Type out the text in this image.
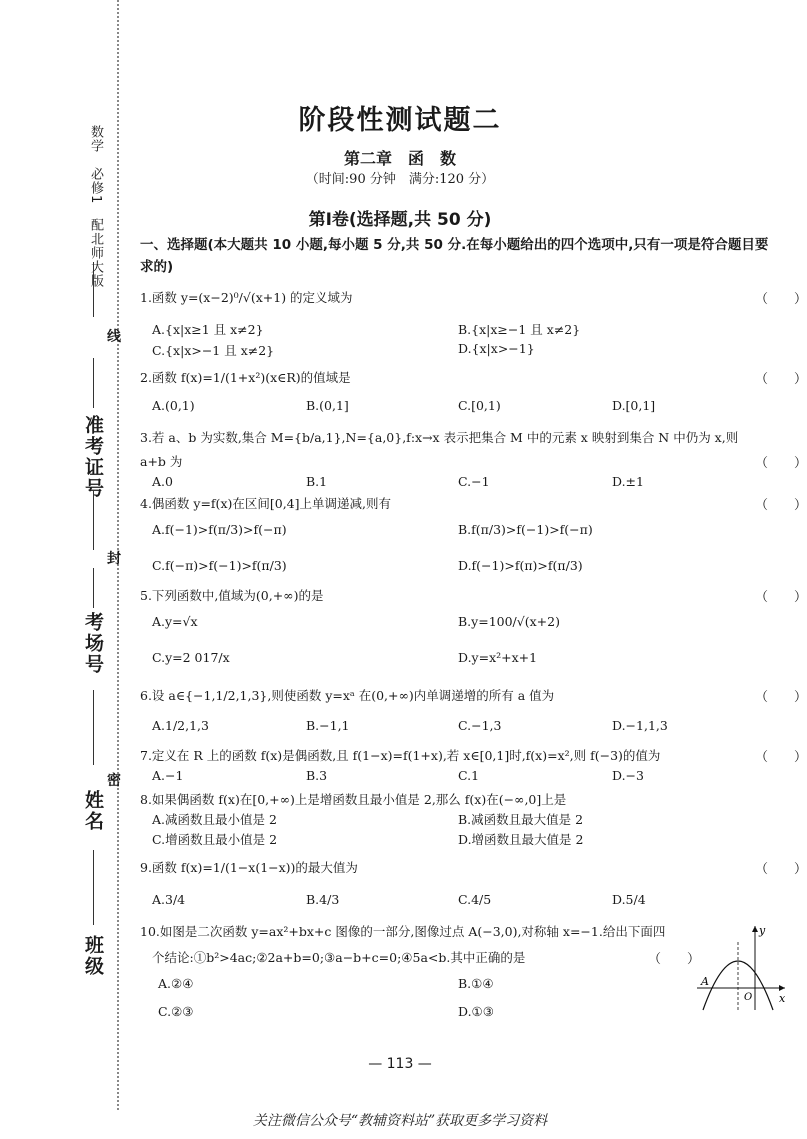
数学　必修1　配北师大版
线
准考证号
封
考场号
密
姓名
班级
阶段性测试题二
第二章　函　数
（时间:90 分钟　满分:120 分）
第Ⅰ卷(选择题,共 50 分)
一、选择题(本大题共 10 小题,每小题 5 分,共 50 分.在每小题给出的四个选项中,只有一项是符合题目要求的)
1.函数 y=(x−2)⁰/√(x+1) 的定义域为	（　　）
A.{x|x≥1 且 x≠2}	B.{x|x≥−1 且 x≠2}
C.{x|x>−1 且 x≠2}	D.{x|x>−1}
2.函数 f(x)=1/(1+x²)(x∈R)的值域是	（　　）
A.(0,1)	B.(0,1]	C.[0,1)	D.[0,1]
3.若 a、b 为实数,集合 M={b/a,1},N={a,0},f:x→x 表示把集合 M 中的元素 x 映射到集合 N 中仍为 x,则
a+b 为	（　　）
A.0	B.1	C.−1	D.±1
4.偶函数 y=f(x)在区间[0,4]上单调递减,则有	（　　）
A.f(−1)>f(π/3)>f(−π)	B.f(π/3)>f(−1)>f(−π)
C.f(−π)>f(−1)>f(π/3)	D.f(−1)>f(π)>f(π/3)
5.下列函数中,值域为(0,+∞)的是	（　　）
A.y=√x	B.y=100/√(x+2)
C.y=2 017/x	D.y=x²+x+1
6.设 a∈{−1,1/2,1,3},则使函数 y=xᵃ 在(0,+∞)内单调递增的所有 a 值为	（　　）
A.1/2,1,3	B.−1,1	C.−1,3	D.−1,1,3
7.定义在 R 上的函数 f(x)是偶函数,且 f(1−x)=f(1+x),若 x∈[0,1]时,f(x)=x²,则 f(−3)的值为	（　　）
A.−1	B.3	C.1	D.−3
8.如果偶函数 f(x)在[0,+∞)上是增函数且最小值是 2,那么 f(x)在(−∞,0]上是
A.减函数且最小值是 2	B.减函数且最大值是 2
C.增函数且最小值是 2	D.增函数且最大值是 2
9.函数 f(x)=1/(1−x(1−x))的最大值为	（　　）
A.3/4	B.4/3	C.4/5	D.5/4
10.如图是二次函数 y=ax²+bx+c 图像的一部分,图像过点 A(−3,0),对称轴 x=−1.给出下面四
个结论:①b²>4ac;②2a+b=0;③a−b+c=0;④5a<b.其中正确的是	（　　）
A.②④	B.①④
C.②③	D.①③
y
x
A
O
— 113 —
关注微信公众号“教辅资料站”获取更多学习资料
